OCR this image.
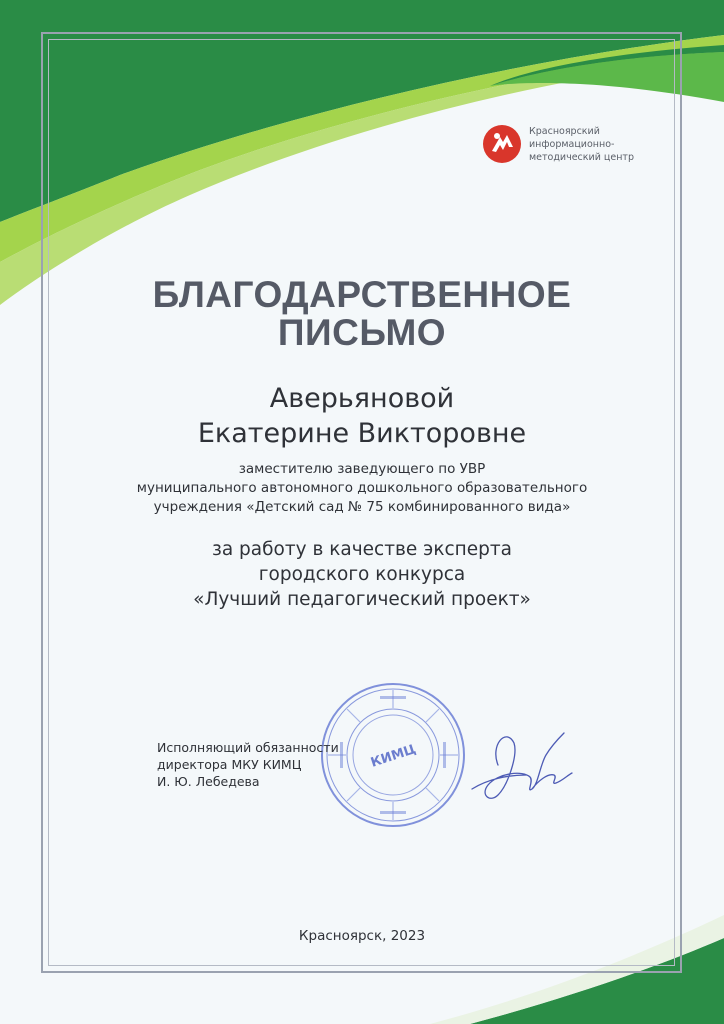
Красноярский
информационно-
методический центр
БЛАГОДАРСТВЕННОЕ
ПИСЬМО
Аверьяновой
Екатерине Викторовне
заместителю заведующего по УВР
муниципального автономного дошкольного образовательного
учреждения «Детский сад № 75 комбинированного вида»
за работу в качестве эксперта
городского конкурса
«Лучший педагогический проект»
КИМЦ
Исполняющий обязанности
директора МКУ КИМЦ
И. Ю. Лебедева
Красноярск, 2023
